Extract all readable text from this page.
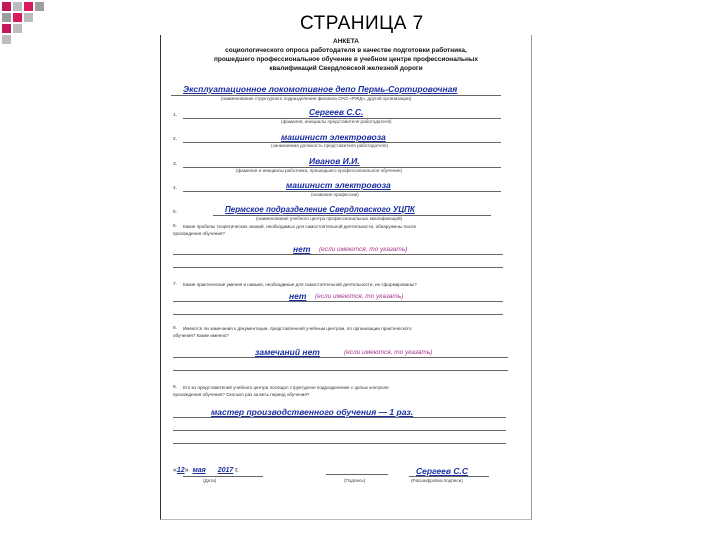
СТРАНИЦА 7
АНКЕТА
социологического опроса работодателя в качестве подготовки работника,
прошедшего профессиональное обучение в учебном центре профессиональных
квалификаций Свердловской железной дороги
Эксплуатационное локомотивное депо Пермь-Сортировочная
(наименование структурного подразделения филиала ОАО «РЖД», другой организации)
1.	Сергеев С.С.
(фамилия, инициалы представителя работодателя)
2.	машинист электровоза
(занимаемая должность представителя работодателя)
3.	Иванов И.И.
(фамилия и инициалы работника, прошедшего профессиональное обучение)
4.	машинист электровоза
(название профессии)
5.	Пермское подразделение Свердловского УЦПК
(наименование учебного центра профессиональных квалификаций)
6. Какие пробелы теоретических знаний, необходимых для самостоятельной деятельности, обнаружены после
прохождения обучения?
нет (если имеются, то указать)
7. Какие практические умения и навыки, необходимые для самостоятельной деятельности, не сформированы?
нет (если имеются, то указать)
8. Имеются ли замечания к документации, представленной учебным центром, по организации практического
обучения? Какие именно?
замечаний нет	(если имеются, то указать)
9. Кто из представителей учебного центра посещал структурное подразделение с целью контроля
прохождения обучения? Сколько раз за весь период обучения?
мастер производственного обучения — 1 раз.
«12» мая 2017 г.	Сергеев С.С
(Дата)	(Подпись)	(Расшифровка подписи)
